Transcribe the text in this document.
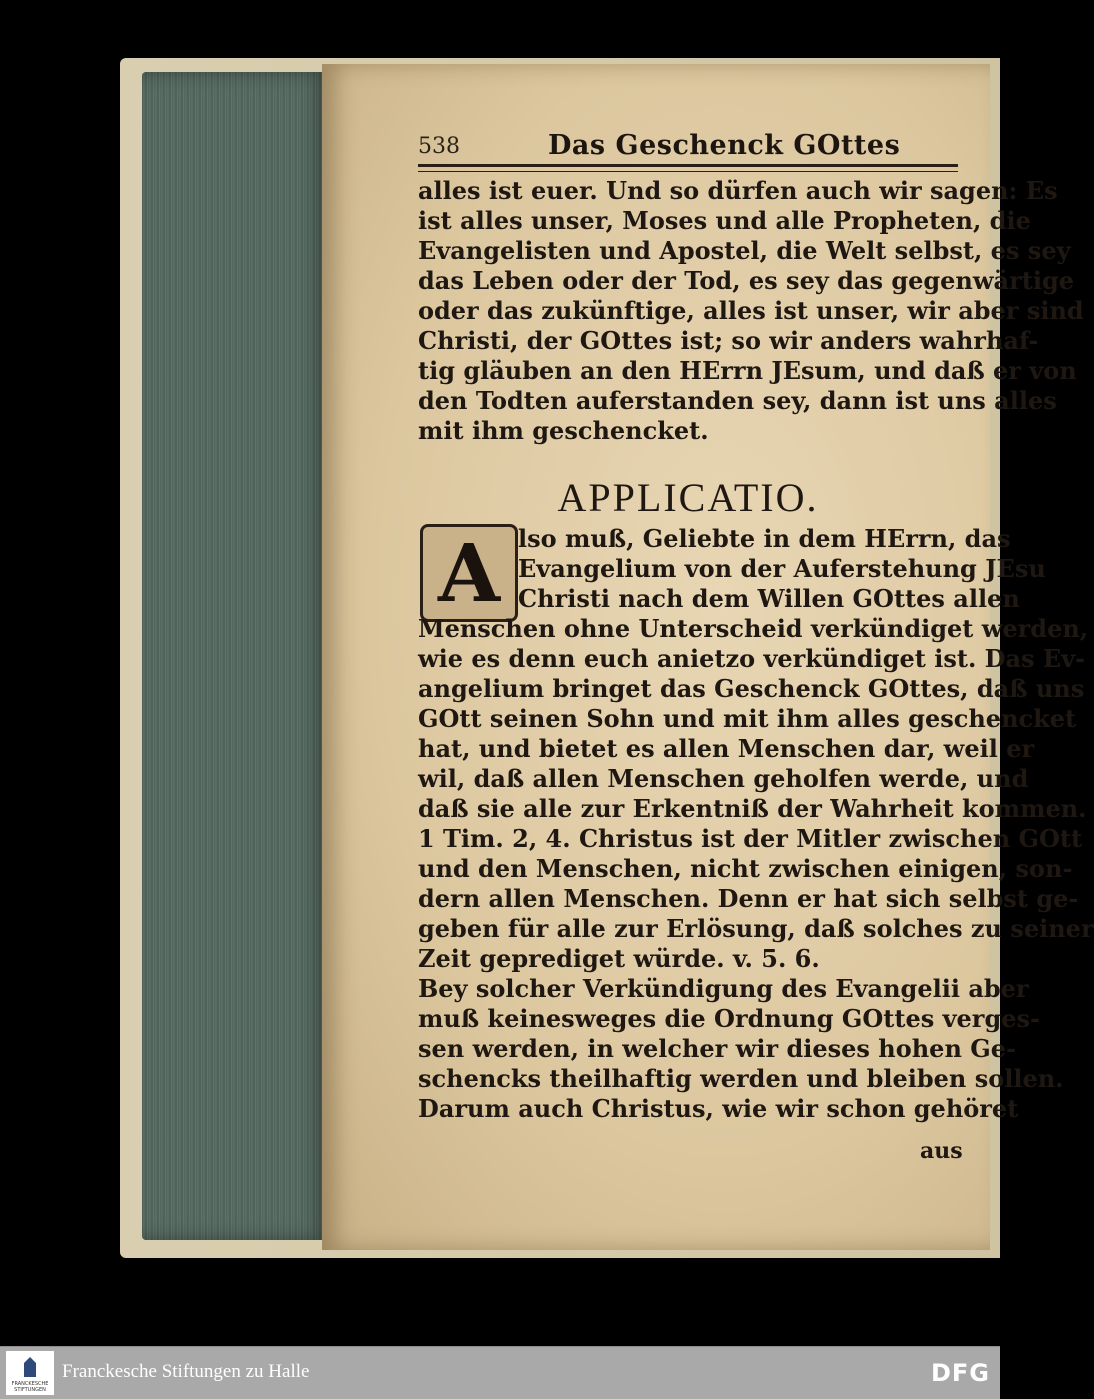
538	Das Geschenck GOttes
alles ist euer. Und so dürfen auch wir sagen: Es
ist alles unser, Moses und alle Propheten, die
Evangelisten und Apostel, die Welt selbst, es sey
das Leben oder der Tod, es sey das gegenwärtige
oder das zukünftige, alles ist unser, wir aber sind
Christi, der GOttes ist; so wir anders wahrhaf-
tig gläuben an den HErrn JEsum, und daß er von
den Todten auferstanden sey, dann ist uns alles
mit ihm geschencket.
APPLICATIO.
A lso muß, Geliebte in dem HErrn, das
Evangelium von der Auferstehung JEsu
Christi nach dem Willen GOttes allen
Menschen ohne Unterscheid verkündiget werden,
wie es denn euch anietzo verkündiget ist. Das Ev-
angelium bringet das Geschenck GOttes, daß uns
GOtt seinen Sohn und mit ihm alles geschencket
hat, und bietet es allen Menschen dar, weil er
wil, daß allen Menschen geholfen werde, und
daß sie alle zur Erkentniß der Wahrheit kommen.
1 Tim. 2, 4. Christus ist der Mitler zwischen GOtt
und den Menschen, nicht zwischen einigen, son-
dern allen Menschen. Denn er hat sich selbst ge-
geben für alle zur Erlösung, daß solches zu seiner
Zeit geprediget würde. v. 5. 6.
Bey solcher Verkündigung des Evangelii aber
muß keinesweges die Ordnung GOttes verges-
sen werden, in welcher wir dieses hohen Ge-
schencks theilhaftig werden und bleiben sollen.
Darum auch Christus, wie wir schon gehöret
aus
FRANCKESCHE STIFTUNGEN
Franckesche Stiftungen zu Halle	DFG
